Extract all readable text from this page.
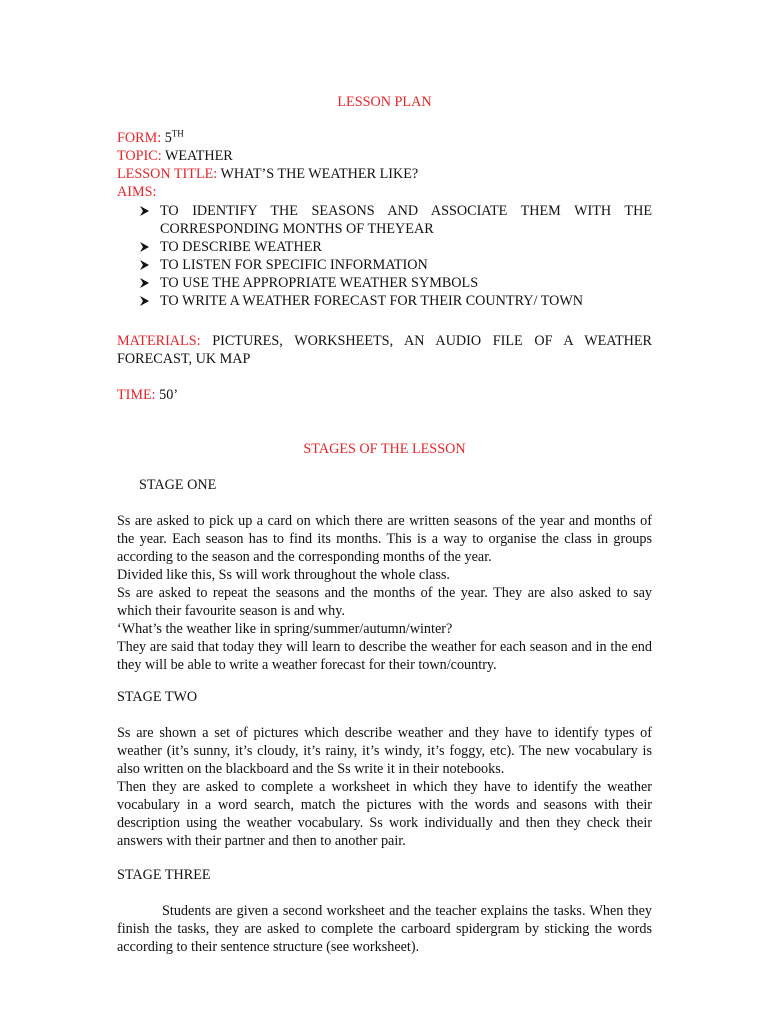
LESSON PLAN
FORM: 5TH
TOPIC: WEATHER
LESSON TITLE: WHAT’S THE WEATHER LIKE?
AIMS:
TO IDENTIFY THE SEASONS AND ASSOCIATE THEM WITH THE CORRESPONDING MONTHS OF THEYEAR
TO DESCRIBE WEATHER
TO LISTEN FOR SPECIFIC INFORMATION
TO USE THE APPROPRIATE WEATHER SYMBOLS
TO WRITE A WEATHER FORECAST FOR THEIR COUNTRY/ TOWN

MATERIALS: PICTURES, WORKSHEETS, AN AUDIO FILE OF A WEATHER FORECAST, UK MAP

TIME: 50’
STAGES OF THE LESSON
STAGE ONE
Ss are asked to pick up a card on which there are written seasons of the year and months of the year. Each season has to find its months. This is a way to organise the class in groups according to the season and the corresponding months of the year.
Divided like this, Ss will work throughout the whole class.
Ss are asked to repeat the seasons and the months of the year. They are also asked to say which their favourite season is and why.
‘What’s the weather like in spring/summer/autumn/winter?
They are said that today they will learn to describe the weather for each season and in the end they will be able to write a weather forecast for their town/country.
STAGE TWO
Ss are shown a set of pictures which describe weather and they have to identify types of weather (it’s sunny, it’s cloudy, it’s rainy, it’s windy, it’s foggy, etc). The new vocabulary is also written on the blackboard and the Ss write it in their notebooks.
Then they are asked to complete a worksheet in which they have to identify the weather vocabulary in a word search, match the pictures with the words and seasons with their description using the weather vocabulary. Ss work individually and then they check their answers with their partner and then to another pair.
STAGE THREE

Students are given a second worksheet and the teacher explains the tasks. When they finish the tasks, they are asked to complete the carboard spidergram by sticking the words according to their sentence structure (see worksheet).
